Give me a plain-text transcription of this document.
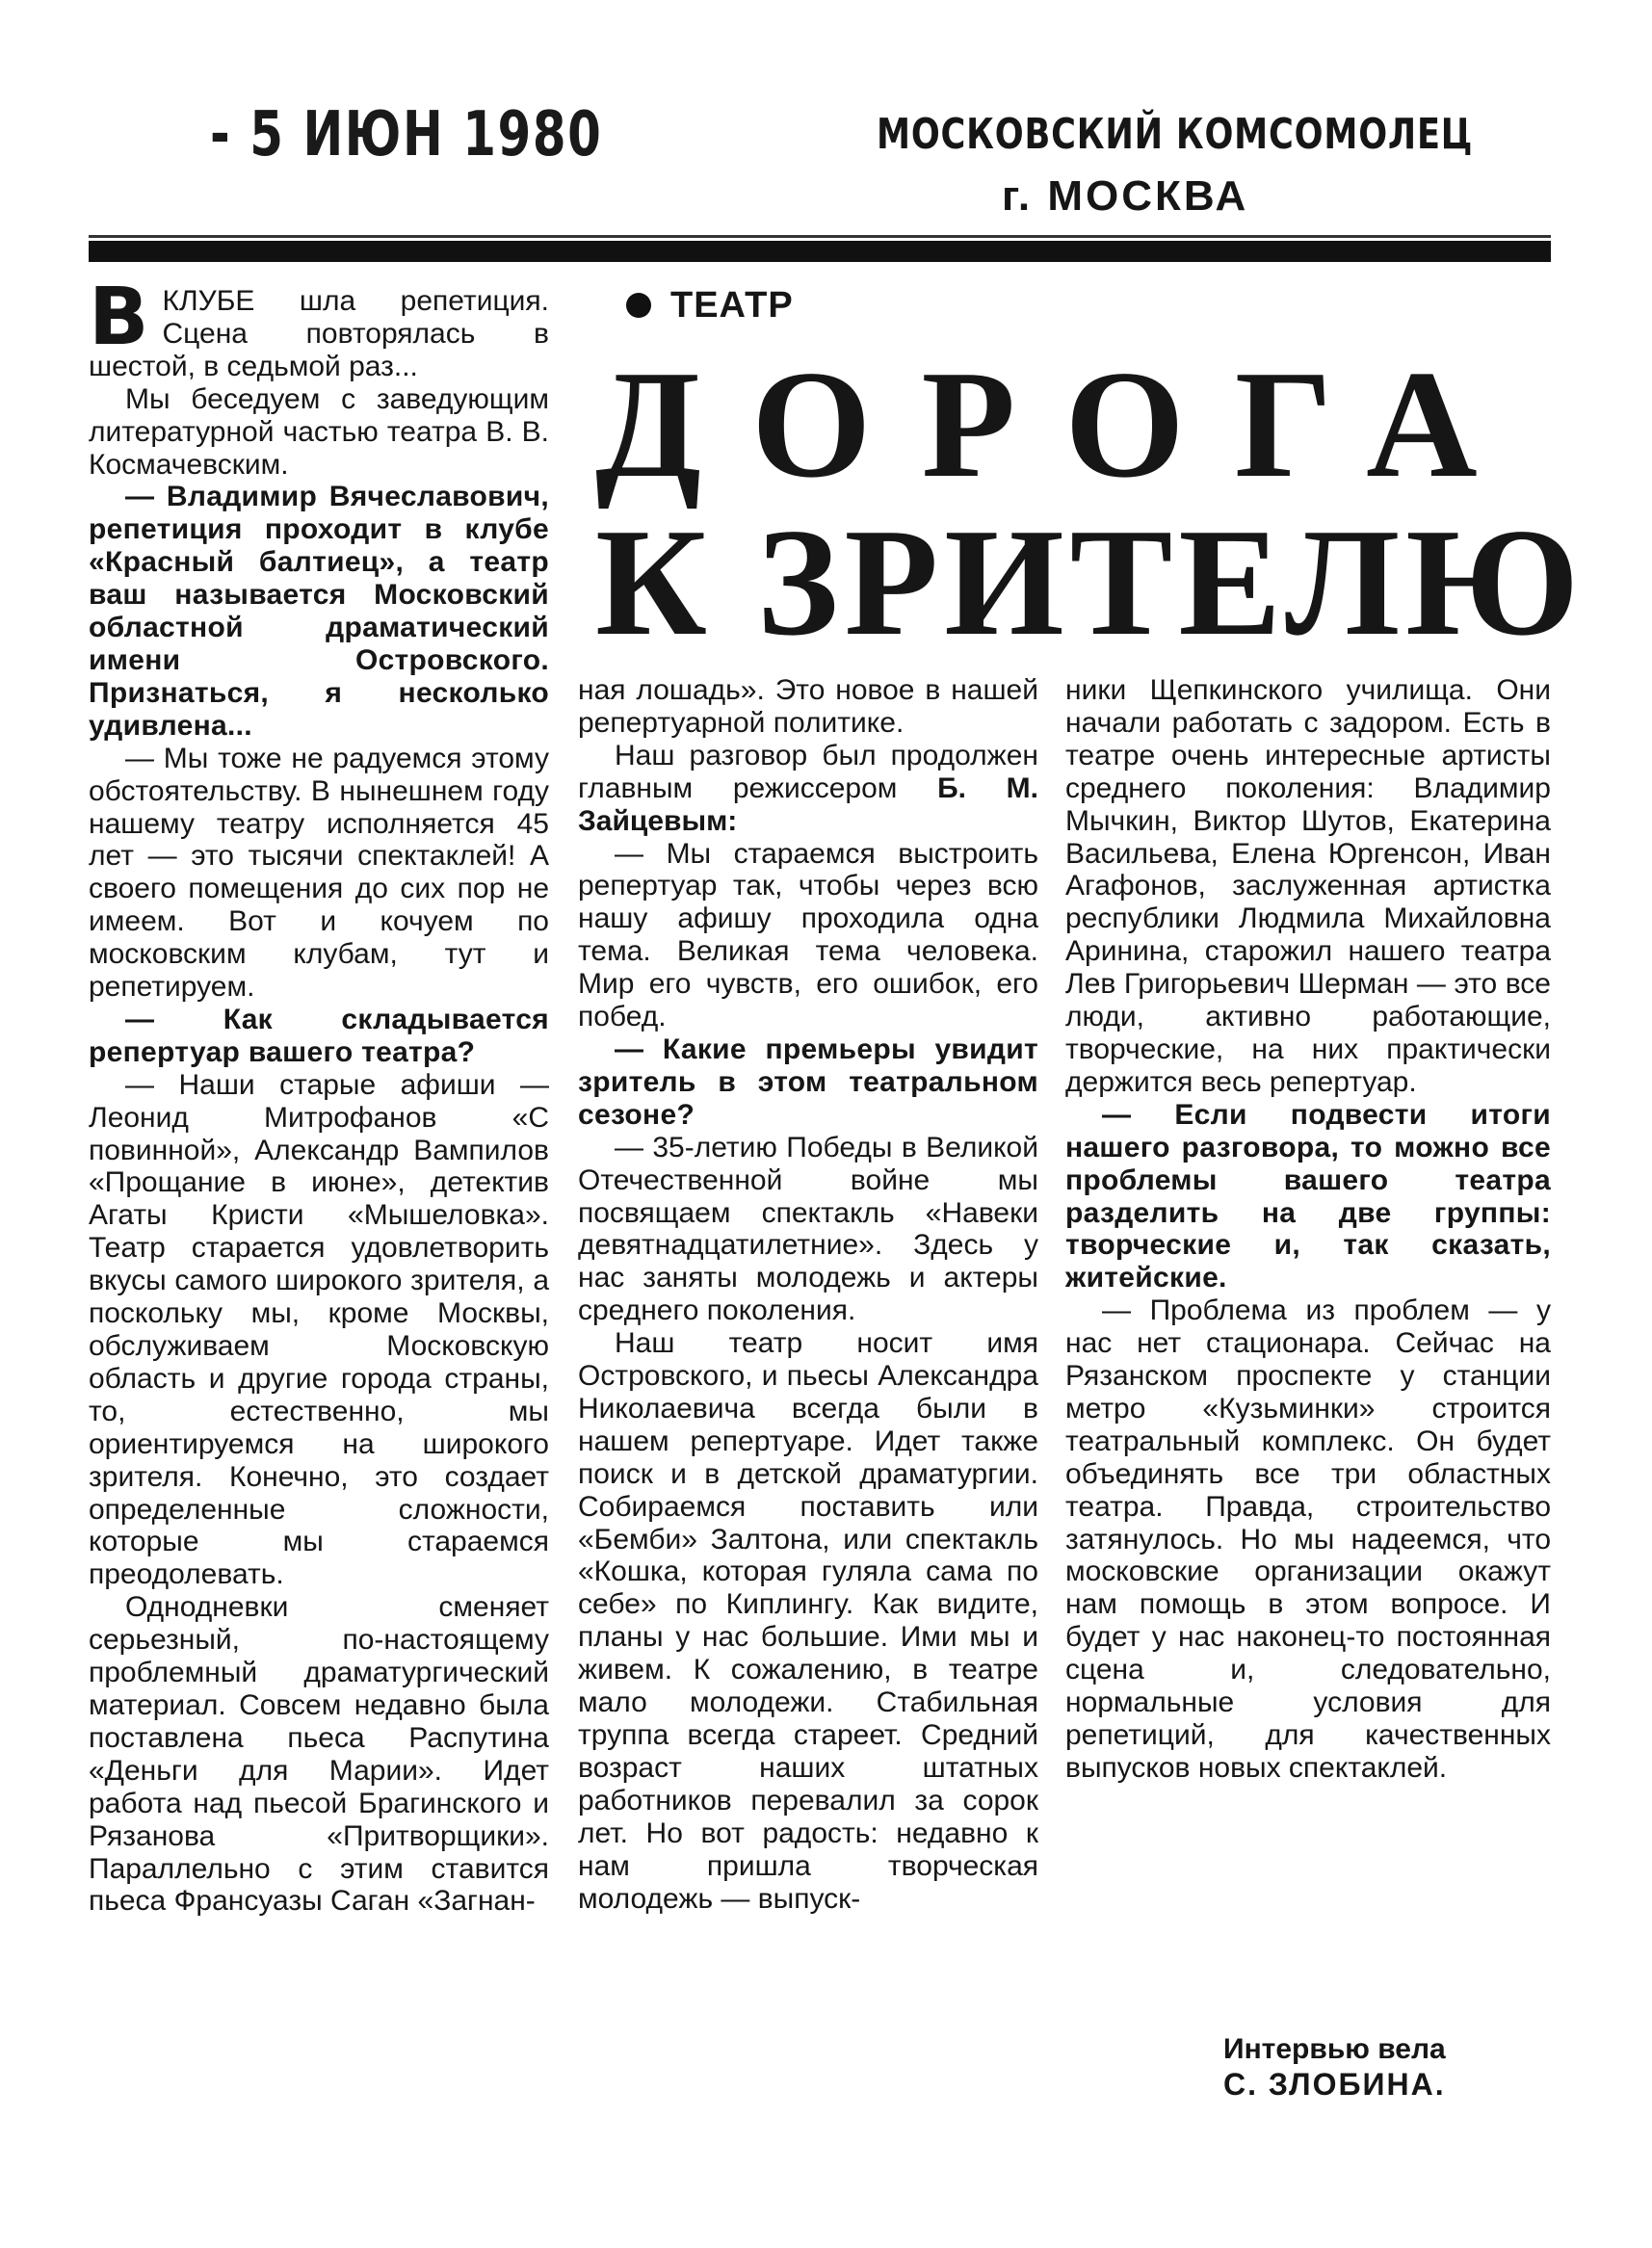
- 5 ИЮН 1980	МОСКОВСКИЙ КОМСОМОЛЕЦ
г. МОСКВА
ТЕАТР
ДОРОГА
К ЗРИТЕЛЮ

ВКЛУБЕ шла репетиция. Сцена повторялась в шестой, в седьмой раз...

Мы беседуем с заведующим литературной частью театра В. В. Космачевским.

— Владимир Вячеславович, репетиция проходит в клубе «Красный балтиец», а театр ваш называется Московский областной драматический имени Островского. Признаться, я несколько удивлена...

— Мы тоже не радуемся этому обстоятельству. В нынешнем году нашему театру исполняется 45 лет — это тысячи спектаклей! А своего помещения до сих пор не имеем. Вот и кочуем по московским клубам, тут и репетируем.

— Как складывается репертуар вашего театра?

— Наши старые афиши — Леонид Митрофанов «С повинной», Александр Вампилов «Прощание в июне», детектив Агаты Кристи «Мышеловка». Театр старается удовлетворить вкусы самого широкого зрителя, а поскольку мы, кроме Москвы, обслуживаем Московскую область и другие города страны, то, естественно, мы ориентируемся на широкого зрителя. Конечно, это создает определенные сложности, которые мы стараемся преодолевать.

Однодневки сменяет серьезный, по-настоящему проблемный драматургический материал. Совсем недавно была поставлена пьеса Распутина «Деньги для Марии». Идет работа над пьесой Брагинского и Рязанова «Притворщики». Параллельно с этим ставится пьеса Франсуазы Саган «Загнан-

ная лошадь». Это новое в нашей репертуарной политике.

Наш разговор был продолжен главным режиссером Б. М. Зайцевым:

— Мы стараемся выстроить репертуар так, чтобы через всю нашу афишу проходила одна тема. Великая тема человека. Мир его чувств, его ошибок, его побед.

— Какие премьеры увидит зритель в этом театральном сезоне?

— 35-летию Победы в Великой Отечественной войне мы посвящаем спектакль «Навеки девятнадцатилетние». Здесь у нас заняты молодежь и актеры среднего поколения.

Наш театр носит имя Островского, и пьесы Александра Николаевича всегда были в нашем репертуаре. Идет также поиск и в детской драматургии. Собираемся поставить или «Бемби» Залтона, или спектакль «Кошка, которая гуляла сама по себе» по Киплингу. Как видите, планы у нас большие. Ими мы и живем. К сожалению, в театре мало молодежи. Стабильная труппа всегда стареет. Средний возраст наших штатных работников перевалил за сорок лет. Но вот радость: недавно к нам пришла творческая молодежь — выпуск-

ники Щепкинского училища. Они начали работать с задором. Есть в театре очень интересные артисты среднего поколения: Владимир Мычкин, Виктор Шутов, Екатерина Васильева, Елена Юргенсон, Иван Агафонов, заслуженная артистка республики Людмила Михайловна Аринина, старожил нашего театра Лев Григорьевич Шерман — это все люди, активно работающие, творческие, на них практически держится весь репертуар.

— Если подвести итоги нашего разговора, то можно все проблемы вашего театра разделить на две группы: творческие и, так сказать, житейские.

— Проблема из проблем — у нас нет стационара. Сейчас на Рязанском проспекте у станции метро «Кузьминки» строится театральный комплекс. Он будет объединять все три областных театра. Правда, строительство затянулось. Но мы надеемся, что московские организации окажут нам помощь в этом вопросе. И будет у нас наконец-то постоянная сцена и, следовательно, нормальные условия для репетиций, для качественных выпусков новых спектаклей.

Интервью вела
С. ЗЛОБИНА.
